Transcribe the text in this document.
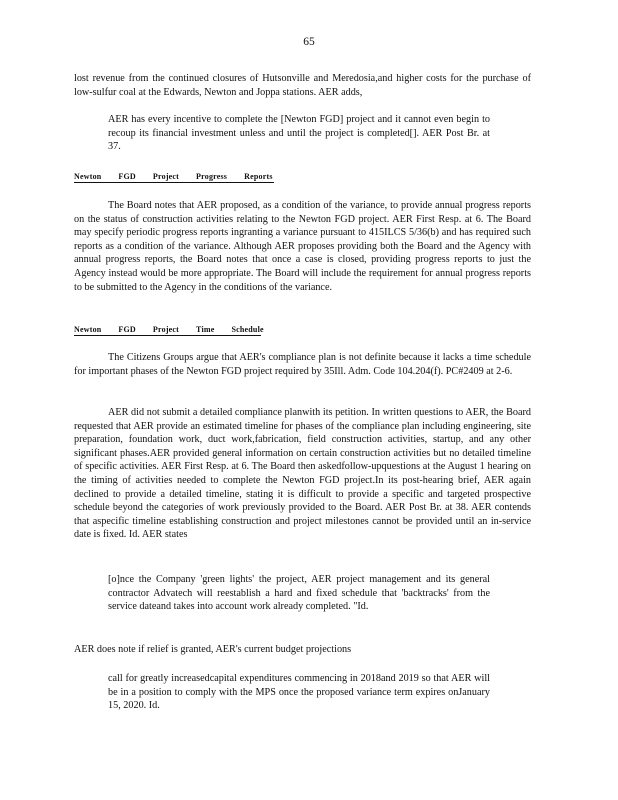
65

lost revenue from the continued closures of Hutsonville and Meredosia,and higher costs for the purchase of low-sulfur coal at the Edwards, Newton and Joppa stations. AER adds,

AER has every incentive to complete the [Newton FGD] project and it cannot even begin to recoup its financial investment unless and until the project is completed[]. AER Post Br. at 37.

Newton FGD Project Progress Reports

The Board notes that AER proposed, as a condition of the variance, to provide annual progress reports on the status of construction activities relating to the Newton FGD project. AER First Resp. at 6. The Board may specify periodic progress reports ingranting a variance pursuant to 415ILCS 5/36(b) and has required such reports as a condition of the variance. Although AER proposes providing both the Board and the Agency with annual progress reports, the Board notes that once a case is closed, providing progress reports to just the Agency instead would be more appropriate. The Board will include the requirement for annual progress reports to be submitted to the Agency in the conditions of the variance.

Newton FGD Project Time Schedule

The Citizens Groups argue that AER's compliance plan is not definite because it lacks a time schedule for important phases of the Newton FGD project required by 35Ill. Adm. Code 104.204(f). PC#2409 at 2-6.

AER did not submit a detailed compliance planwith its petition. In written questions to AER, the Board requested that AER provide an estimated timeline for phases of the compliance plan including engineering, site preparation, foundation work, duct work,fabrication, field construction activities, startup, and any other significant phases.AER provided general information on certain construction activities but no detailed timeline of specific activities. AER First Resp. at 6. The Board then askedfollow-upquestions at the August 1 hearing on the timing of activities needed to complete the Newton FGD project.In its post-hearing brief, AER again declined to provide a detailed timeline, stating it is difficult to provide a specific and targeted prospective schedule beyond the categories of work previously provided to the Board. AER Post Br. at 38. AER contends that aspecific timeline establishing construction and project milestones cannot be provided until an in-service date is fixed. Id. AER states

[o]nce the Company 'green lights' the project, AER project management and its general contractor Advatech will reestablish a hard and fixed schedule that 'backtracks' from the service dateand takes into account work already completed. "Id.

AER does note if relief is granted, AER's current budget projections

call for greatly increasedcapital expenditures commencing in 2018and 2019 so that AER will be in a position to comply with the MPS once the proposed variance term expires onJanuary 15, 2020. Id.
